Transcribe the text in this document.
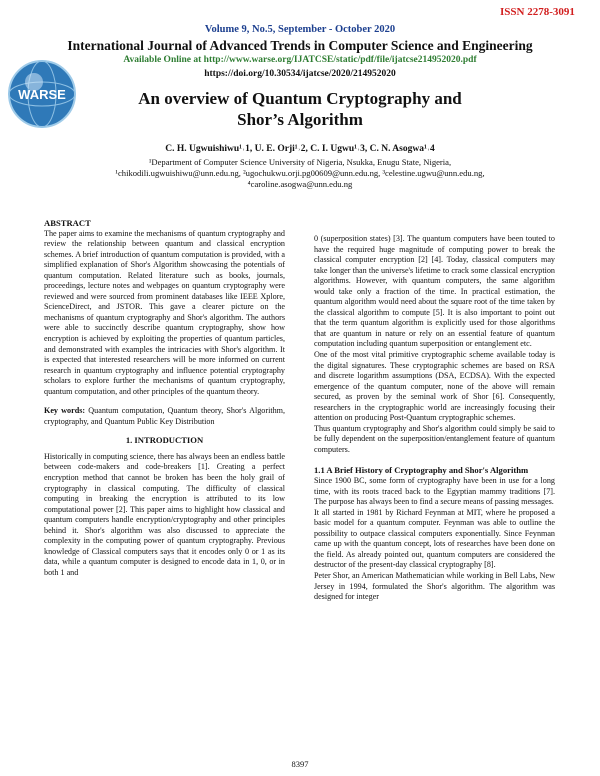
ISSN 2278-3091
Volume 9, No.5, September - October 2020
International Journal of Advanced Trends in Computer Science and Engineering
Available Online at http://www.warse.org/IJATCSE/static/pdf/file/ijatcse214952020.pdf
https://doi.org/10.30534/ijatcse/2020/214952020
WARSE	An overview of Quantum Cryptography and
Shor’s Algorithm
C. H. Ugwuishiwu¹˒1, U. E. Orji¹˒2, C. I. Ugwu¹˒3, C. N. Asogwa¹˒4
¹Department of Computer Science University of Nigeria, Nsukka, Enugu State, Nigeria,
¹chikodili.ugwuishiwu@unn.edu.ng, ²ugochukwu.orji.pg00609@unn.edu.ng, ³celestine.ugwu@unn.edu.ng,
⁴caroline.asogwa@unn.edu.ng
ABSTRACT

The paper aims to examine the mechanisms of quantum cryptography and review the relationship between quantum and classical encryption schemes. A brief introduction of quantum computation is provided, with a simplified explanation of Shor's Algorithm showcasing the potentials of quantum computation. Related literature such as books, journals, proceedings, lecture notes and webpages on quantum cryptography were reviewed and were sourced from prominent databases like IEEE Xplore, ScienceDirect, and JSTOR. This gave a clearer picture on the mechanisms of quantum cryptography and Shor's algorithm. The authors were able to succinctly describe quantum cryptography, show how encryption is achieved by exploiting the properties of quantum particles, and demonstrated with examples the intricacies with Shor's algorithm. It is expected that interested researchers will be more informed on current research in quantum cryptography and influence potential cryptography scholars to explore further the mechanisms of quantum cryptography, quantum computation, and other principles of the quantum theory.

Key words: Quantum computation, Quantum theory, Shor's Algorithm, cryptography, and Quantum Public Key Distribution

1. INTRODUCTION

Historically in computing science, there has always been an endless battle between code-makers and code-breakers [1]. Creating a perfect encryption method that cannot be broken has been the holy grail of cryptography in classical computing. The difficulty of classical computing in breaking the encryption is attributed to its low computational power [2]. This paper aims to highlight how classical and quantum computers handle encryption/cryptography and other principles behind it. Shor's algorithm was also discussed to appreciate the complexity in the computing power of quantum cryptography. Previous knowledge of Classical computers says that it encodes only 0 or 1 as its data, while a quantum computer is designed to encode data in 1, 0, or in both 1 and

0 (superposition states) [3]. The quantum computers have been touted to have the required huge magnitude of computing power to break the classical computer encryption [2] [4]. Today, classical computers may take longer than the universe's lifetime to crack some classical encryption algorithms. However, with quantum computers, the same algorithm would take only a fraction of the time. In practical estimation, the quantum algorithm would need about the square root of the time taken by the classical algorithm to compute [5]. It is also important to point out that the term quantum algorithm is explicitly used for those algorithms that are quantum in nature or rely on an essential feature of quantum computation including quantum superposition or entanglement etc.

One of the most vital primitive cryptographic scheme available today is the digital signatures. These cryptographic schemes are based on RSA and discrete logarithm assumptions (DSA, ECDSA). With the expected emergence of the quantum computer, none of the above will remain secured, as proven by the seminal work of Shor [6]. Consequently, researchers in the cryptographic world are increasingly focusing their attention on producing Post-Quantum cryptographic schemes.

Thus quantum cryptography and Shor's algorithm could simply be said to be fully dependent on the superposition/entanglement feature of quantum computers.

1.1 A Brief History of Cryptography and Shor's Algorithm

Since 1900 BC, some form of cryptography have been in use for a long time, with its roots traced back to the Egyptian mammy traditions [7]. The purpose has always been to find a secure means of passing messages.

It all started in 1981 by Richard Feynman at MIT, where he proposed a basic model for a quantum computer. Feynman was able to outline the possibility to outpace classical computers exponentially. Since Feynman came up with the quantum concept, lots of researches have been done on the field. As already pointed out, quantum computers are considered the destructor of the present-day classical cryptography [8].

Peter Shor, an American Mathematician while working in Bell Labs, New Jersey in 1994, formulated the Shor's algorithm. The algorithm was designed for integer

8397
